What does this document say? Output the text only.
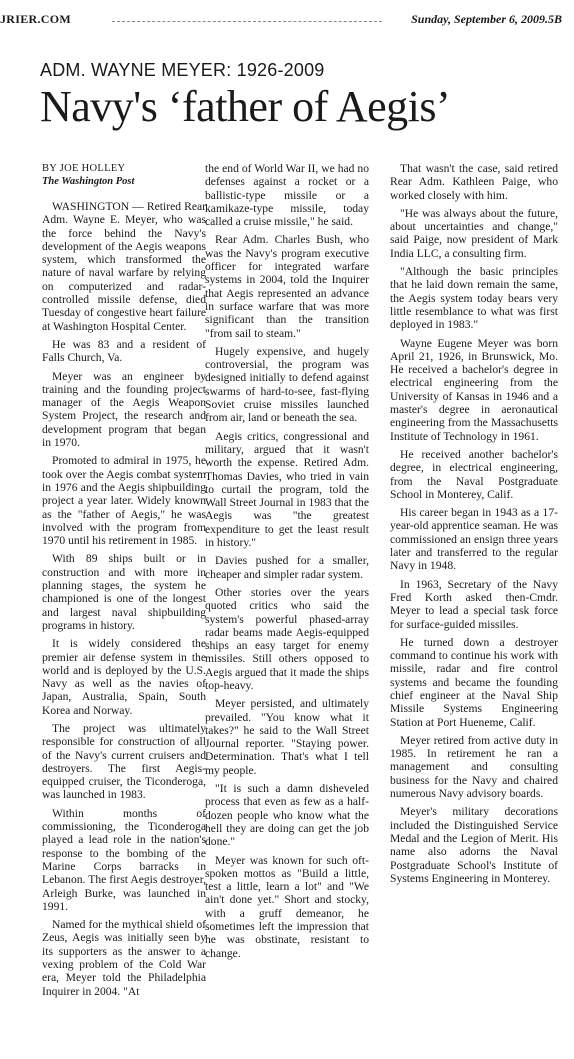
JRIER.COM	Sunday, September 6, 2009.5B
ADM. WAYNE MEYER: 1926-2009
Navy's ‘father of Aegis’
BY JOE HOLLEY
The Washington Post

WASHINGTON — Retired Rear Adm. Wayne E. Meyer, who was the force behind the Navy's development of the Aegis weapons system, which transformed the nature of naval warfare by relying on computerized and radar-controlled missile defense, died Tuesday of congestive heart failure at Washington Hospital Center.

He was 83 and a resident of Falls Church, Va.

Meyer was an engineer by training and the founding project manager of the Aegis Weapon System Project, the research and development program that began in 1970.

Promoted to admiral in 1975, he took over the Aegis combat system in 1976 and the Aegis shipbuilding project a year later. Widely known as the "father of Aegis," he was involved with the program from 1970 until his retirement in 1985.

With 89 ships built or in construction and with more in planning stages, the system he championed is one of the longest and largest naval shipbuilding programs in history.

It is widely considered the premier air defense system in the world and is deployed by the U.S. Navy as well as the navies of Japan, Australia, Spain, South Korea and Norway.

The project was ultimately responsible for construction of all of the Navy's current cruisers and destroyers. The first Aegis-equipped cruiser, the Ticonderoga, was launched in 1983.

Within months of commissioning, the Ticonderoga played a lead role in the nation's response to the bombing of the Marine Corps barracks in Lebanon. The first Aegis destroyer, Arleigh Burke, was launched in 1991.

Named for the mythical shield of Zeus, Aegis was initially seen by its supporters as the answer to a vexing problem of the Cold War era, Meyer told the Philadelphia Inquirer in 2004. "At

the end of World War II, we had no defenses against a rocket or a ballistic-type missile or a kamikaze-type missile, today called a cruise missile," he said.

Rear Adm. Charles Bush, who was the Navy's program executive officer for integrated warfare systems in 2004, told the Inquirer that Aegis represented an advance in surface warfare that was more significant than the transition "from sail to steam."

Hugely expensive, and hugely controversial, the program was designed initially to defend against swarms of hard-to-see, fast-flying Soviet cruise missiles launched from air, land or beneath the sea.

Aegis critics, congressional and military, argued that it wasn't worth the expense. Retired Adm. Thomas Davies, who tried in vain to curtail the program, told the Wall Street Journal in 1983 that the Aegis was "the greatest expenditure to get the least result in history."

Davies pushed for a smaller, cheaper and simpler radar system.

Other stories over the years quoted critics who said the system's powerful phased-array radar beams made Aegis-equipped ships an easy target for enemy missiles. Still others opposed to Aegis argued that it made the ships top-heavy.

Meyer persisted, and ultimately prevailed. "You know what it takes?" he said to the Wall Street Journal reporter. "Staying power. Determination. That's what I tell my people.

"It is such a damn disheveled process that even as few as a half-dozen people who know what the hell they are doing can get the job done."

Meyer was known for such oft-spoken mottos as "Build a little, test a little, learn a lot" and "We ain't done yet." Short and stocky, with a gruff demeanor, he sometimes left the impression that he was obstinate, resistant to change.

That wasn't the case, said retired Rear Adm. Kathleen Paige, who worked closely with him.

"He was always about the future, about uncertainties and change," said Paige, now president of Mark India LLC, a consulting firm.

"Although the basic principles that he laid down remain the same, the Aegis system today bears very little resemblance to what was first deployed in 1983."

Wayne Eugene Meyer was born April 21, 1926, in Brunswick, Mo. He received a bachelor's degree in electrical engineering from the University of Kansas in 1946 and a master's degree in aeronautical engineering from the Massachusetts Institute of Technology in 1961.

He received another bachelor's degree, in electrical engineering, from the Naval Postgraduate School in Monterey, Calif.

His career began in 1943 as a 17-year-old apprentice seaman. He was commissioned an ensign three years later and transferred to the regular Navy in 1948.

In 1963, Secretary of the Navy Fred Korth asked then-Cmdr. Meyer to lead a special task force for surface-guided missiles.

He turned down a destroyer command to continue his work with missile, radar and fire control systems and became the founding chief engineer at the Naval Ship Missile Systems Engineering Station at Port Hueneme, Calif.

Meyer retired from active duty in 1985. In retirement he ran a management and consulting business for the Navy and chaired numerous Navy advisory boards.

Meyer's military decorations included the Distinguished Service Medal and the Legion of Merit. His name also adorns the Naval Postgraduate School's Institute of Systems Engineering in Monterey.
